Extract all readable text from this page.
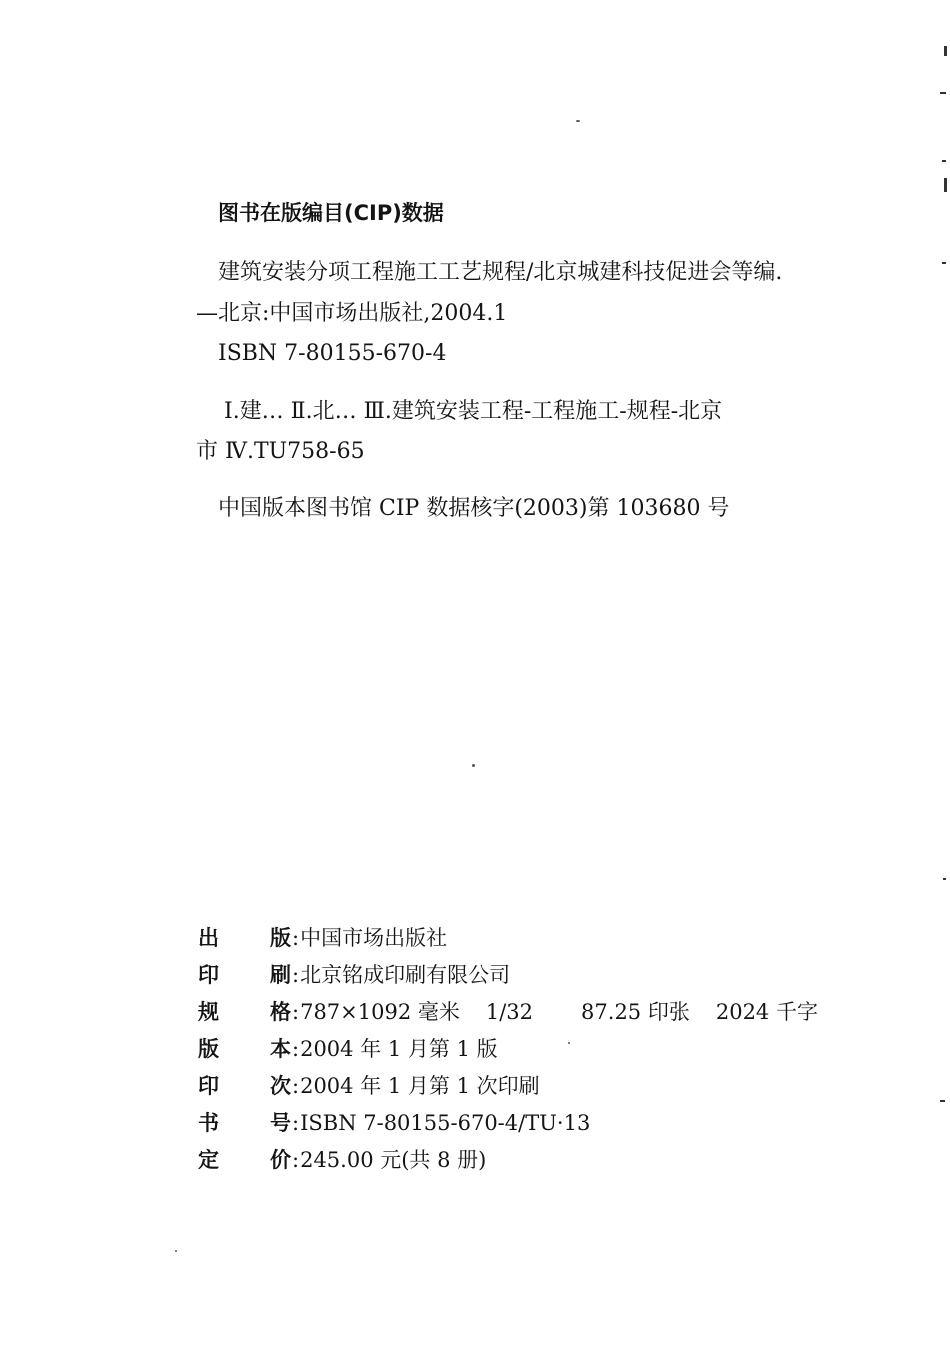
图书在版编目(CIP)数据
建筑安装分项工程施工工艺规程/北京城建科技促进会等编.
—北京:中国市场出版社,2004.1
ISBN 7-80155-670-4
Ⅰ.建… Ⅱ.北… Ⅲ.建筑安装工程-工程施工-规程-北京
市 Ⅳ.TU758-65
中国版本图书馆 CIP 数据核字(2003)第 103680 号
出	版 : 中国市场出版社
印	刷 : 北京铭成印刷有限公司
规	格 : 787×1092 毫米 1/32 87.25 印张 2024 千字
版	本 : 2004 年 1 月第 1 版
印	次 : 2004 年 1 月第 1 次印刷
书	号 : ISBN 7-80155-670-4/TU·13
定	价 : 245.00 元(共 8 册)
